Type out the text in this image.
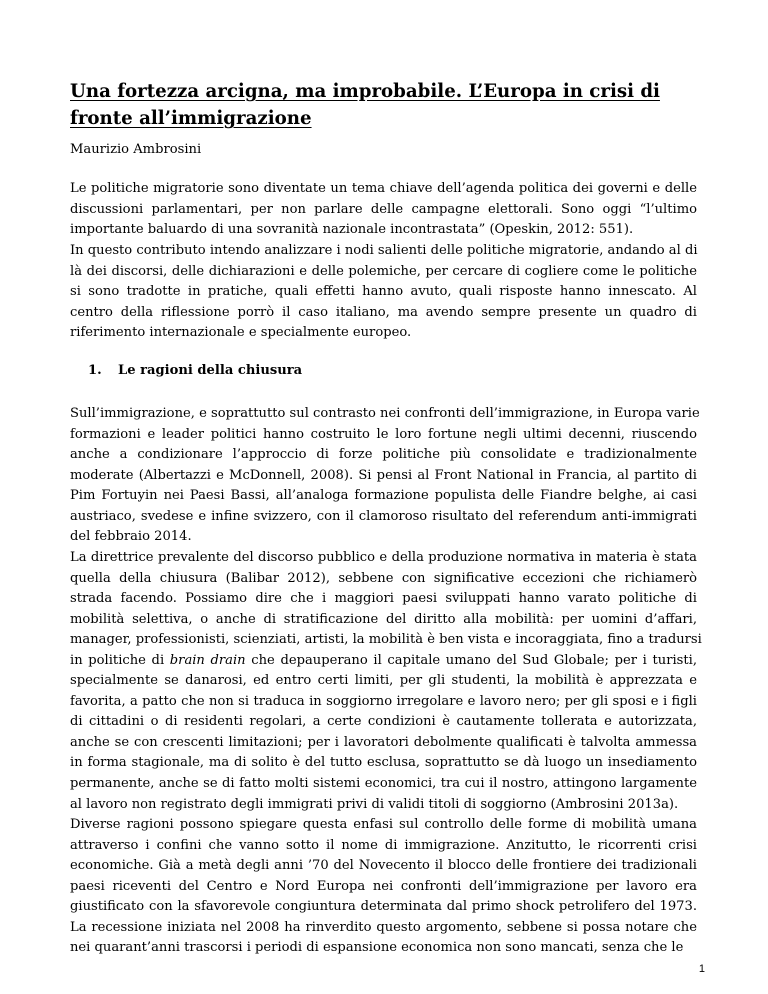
Una fortezza arcigna, ma improbabile. L’Europa in crisi di fronte all’immigrazione

Maurizio Ambrosini

Le politiche migratorie sono diventate un tema chiave dell’agenda politica dei governi e delle
discussioni parlamentari, per non parlare delle campagne elettorali. Sono oggi “l’ultimo
importante baluardo di una sovranità nazionale incontrastata” (Opeskin, 2012: 551).
In questo contributo intendo analizzare i nodi salienti delle politiche migratorie, andando al di
là dei discorsi, delle dichiarazioni e delle polemiche, per cercare di cogliere come le politiche
si sono tradotte in pratiche, quali effetti hanno avuto, quali risposte hanno innescato. Al
centro della riflessione porrò il caso italiano, ma avendo sempre presente un quadro di
riferimento internazionale e specialmente europeo.
1. Le ragioni della chiusura
Sull’immigrazione, e soprattutto sul contrasto nei confronti dell’immigrazione, in Europa varie
formazioni e leader politici hanno costruito le loro fortune negli ultimi decenni, riuscendo
anche a condizionare l’approccio di forze politiche più consolidate e tradizionalmente
moderate (Albertazzi e McDonnell, 2008). Si pensi al Front National in Francia, al partito di
Pim Fortuyin nei Paesi Bassi, all’analoga formazione populista delle Fiandre belghe, ai casi
austriaco, svedese e infine svizzero, con il clamoroso risultato del referendum anti-immigrati
del febbraio 2014.
La direttrice prevalente del discorso pubblico e della produzione normativa in materia è stata
quella della chiusura (Balibar 2012), sebbene con significative eccezioni che richiamerò
strada facendo. Possiamo dire che i maggiori paesi sviluppati hanno varato politiche di
mobilità selettiva, o anche di stratificazione del diritto alla mobilità: per uomini d’affari,
manager, professionisti, scienziati, artisti, la mobilità è ben vista e incoraggiata, fino a tradursi
in politiche di brain drain che depauperano il capitale umano del Sud Globale; per i turisti,
specialmente se danarosi, ed entro certi limiti, per gli studenti, la mobilità è apprezzata e
favorita, a patto che non si traduca in soggiorno irregolare e lavoro nero; per gli sposi e i figli
di cittadini o di residenti regolari, a certe condizioni è cautamente tollerata e autorizzata,
anche se con crescenti limitazioni; per i lavoratori debolmente qualificati è talvolta ammessa
in forma stagionale, ma di solito è del tutto esclusa, soprattutto se dà luogo un insediamento
permanente, anche se di fatto molti sistemi economici, tra cui il nostro, attingono largamente
al lavoro non registrato degli immigrati privi di validi titoli di soggiorno (Ambrosini 2013a).
Diverse ragioni possono spiegare questa enfasi sul controllo delle forme di mobilità umana
attraverso i confini che vanno sotto il nome di immigrazione. Anzitutto, le ricorrenti crisi
economiche. Già a metà degli anni ’70 del Novecento il blocco delle frontiere dei tradizionali
paesi riceventi del Centro e Nord Europa nei confronti dell’immigrazione per lavoro era
giustificato con la sfavorevole congiuntura determinata dal primo shock petrolifero del 1973.
La recessione iniziata nel 2008 ha rinverdito questo argomento, sebbene si possa notare che
nei quarant’anni trascorsi i periodi di espansione economica non sono mancati, senza che le
1
